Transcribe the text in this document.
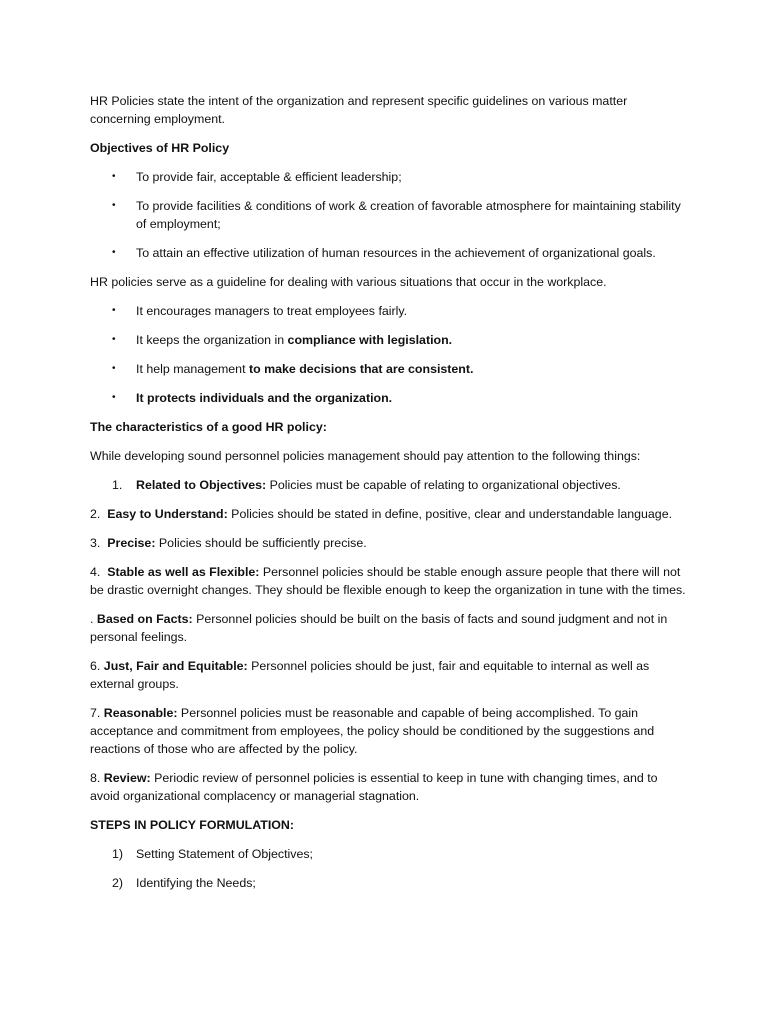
HR Policies state the intent of the organization and represent specific guidelines on various matter concerning employment.

Objectives of HR Policy

• To provide fair, acceptable & efficient leadership;
• To provide facilities & conditions of work & creation of favorable atmosphere for maintaining stability of employment;
• To attain an effective utilization of human resources in the achievement of organizational goals.

HR policies serve as a guideline for dealing with various situations that occur in the workplace.

• It encourages managers to treat employees fairly.
• It keeps the organization in compliance with legislation.
• It help management to make decisions that are consistent.
• It protects individuals and the organization.

The characteristics of a good HR policy:

While developing sound personnel policies management should pay attention to the following things:

1. Related to Objectives: Policies must be capable of relating to organizational objectives.

2. Easy to Understand: Policies should be stated in define, positive, clear and understandable language.

3. Precise: Policies should be sufficiently precise.

4. Stable as well as Flexible: Personnel policies should be stable enough assure people that there will not be drastic overnight changes. They should be flexible enough to keep the organization in tune with the times.

. Based on Facts: Personnel policies should be built on the basis of facts and sound judgment and not in personal feelings.

6. Just, Fair and Equitable: Personnel policies should be just, fair and equitable to internal as well as external groups.

7. Reasonable: Personnel policies must be reasonable and capable of being accomplished. To gain acceptance and commitment from employees, the policy should be conditioned by the suggestions and reactions of those who are affected by the policy.

8. Review: Periodic review of personnel policies is essential to keep in tune with changing times, and to avoid organizational complacency or managerial stagnation.

STEPS IN POLICY FORMULATION:

1) Setting Statement of Objectives;

2) Identifying the Needs;
